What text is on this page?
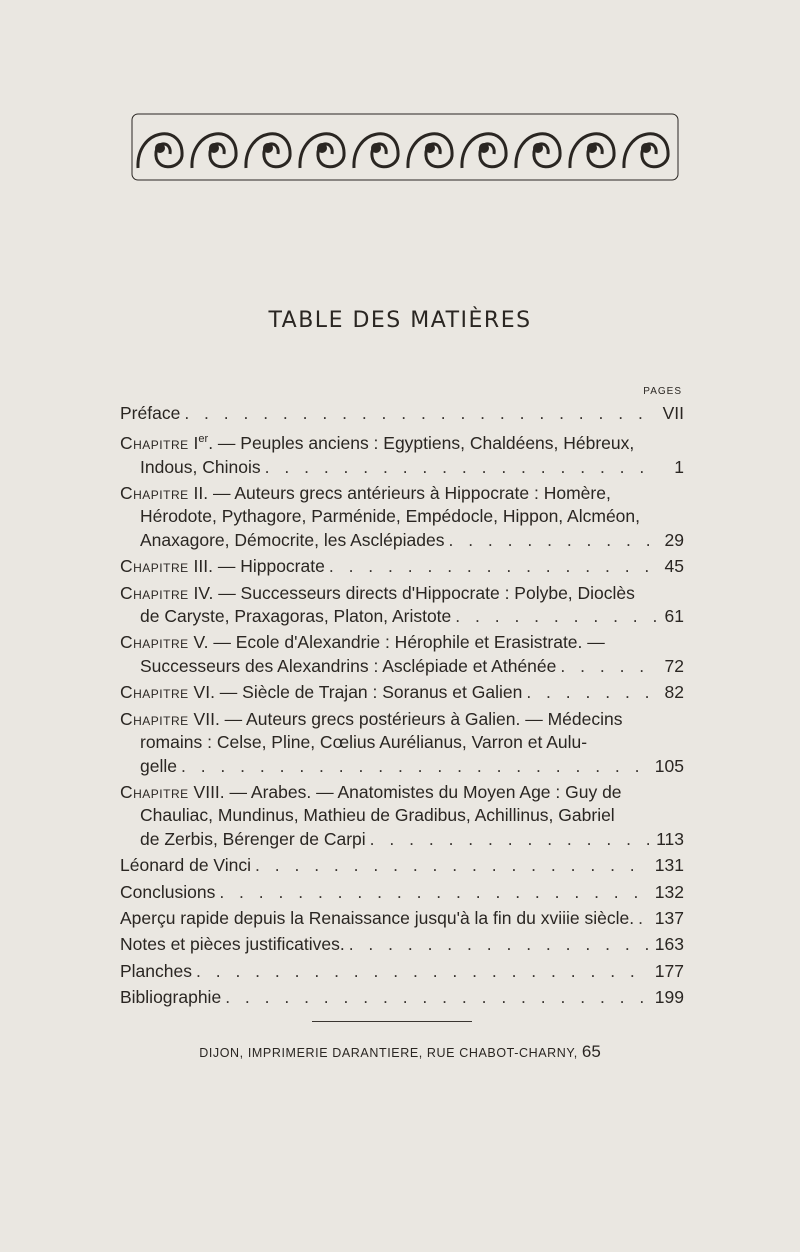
TABLE DES MATIÈRES
PAGES
Préface . . .	VII
Chapitre Ier. — Peuples anciens : Egyptiens, Chaldéens, Hébreux,
Indous, Chinois . . .	1
Chapitre II. — Auteurs grecs antérieurs à Hippocrate : Homère,
Hérodote, Pythagore, Parménide, Empédocle, Hippon, Alcméon,
Anaxagore, Démocrite, les Asclépiades . . .	29
Chapitre III. — Hippocrate . . .	45
Chapitre IV. — Successeurs directs d'Hippocrate : Polybe, Dioclès
de Caryste, Praxagoras, Platon, Aristote . . .	61
Chapitre V. — Ecole d'Alexandrie : Hérophile et Erasistrate. —
Successeurs des Alexandrins : Asclépiade et Athénée . . .	72
Chapitre VI. — Siècle de Trajan : Soranus et Galien . . .	82
Chapitre VII. — Auteurs grecs postérieurs à Galien. — Médecins
romains : Celse, Pline, Cœlius Aurélianus, Varron et Aulu-
gelle . . .	105
Chapitre VIII. — Arabes. — Anatomistes du Moyen Age : Guy de
Chauliac, Mundinus, Mathieu de Gradibus, Achillinus, Gabriel
de Zerbis, Bérenger de Carpi . . .	113
Léonard de Vinci . . .	131
Conclusions . . .	132
Aperçu rapide depuis la Renaissance jusqu'à la fin du xviiie siècle. . . . 137
Notes et pièces justificatives. . . .	163
Planches . . .	177
Bibliographie . . .	199
DIJON, IMPRIMERIE DARANTIERE, RUE CHABOT-CHARNY, 65
